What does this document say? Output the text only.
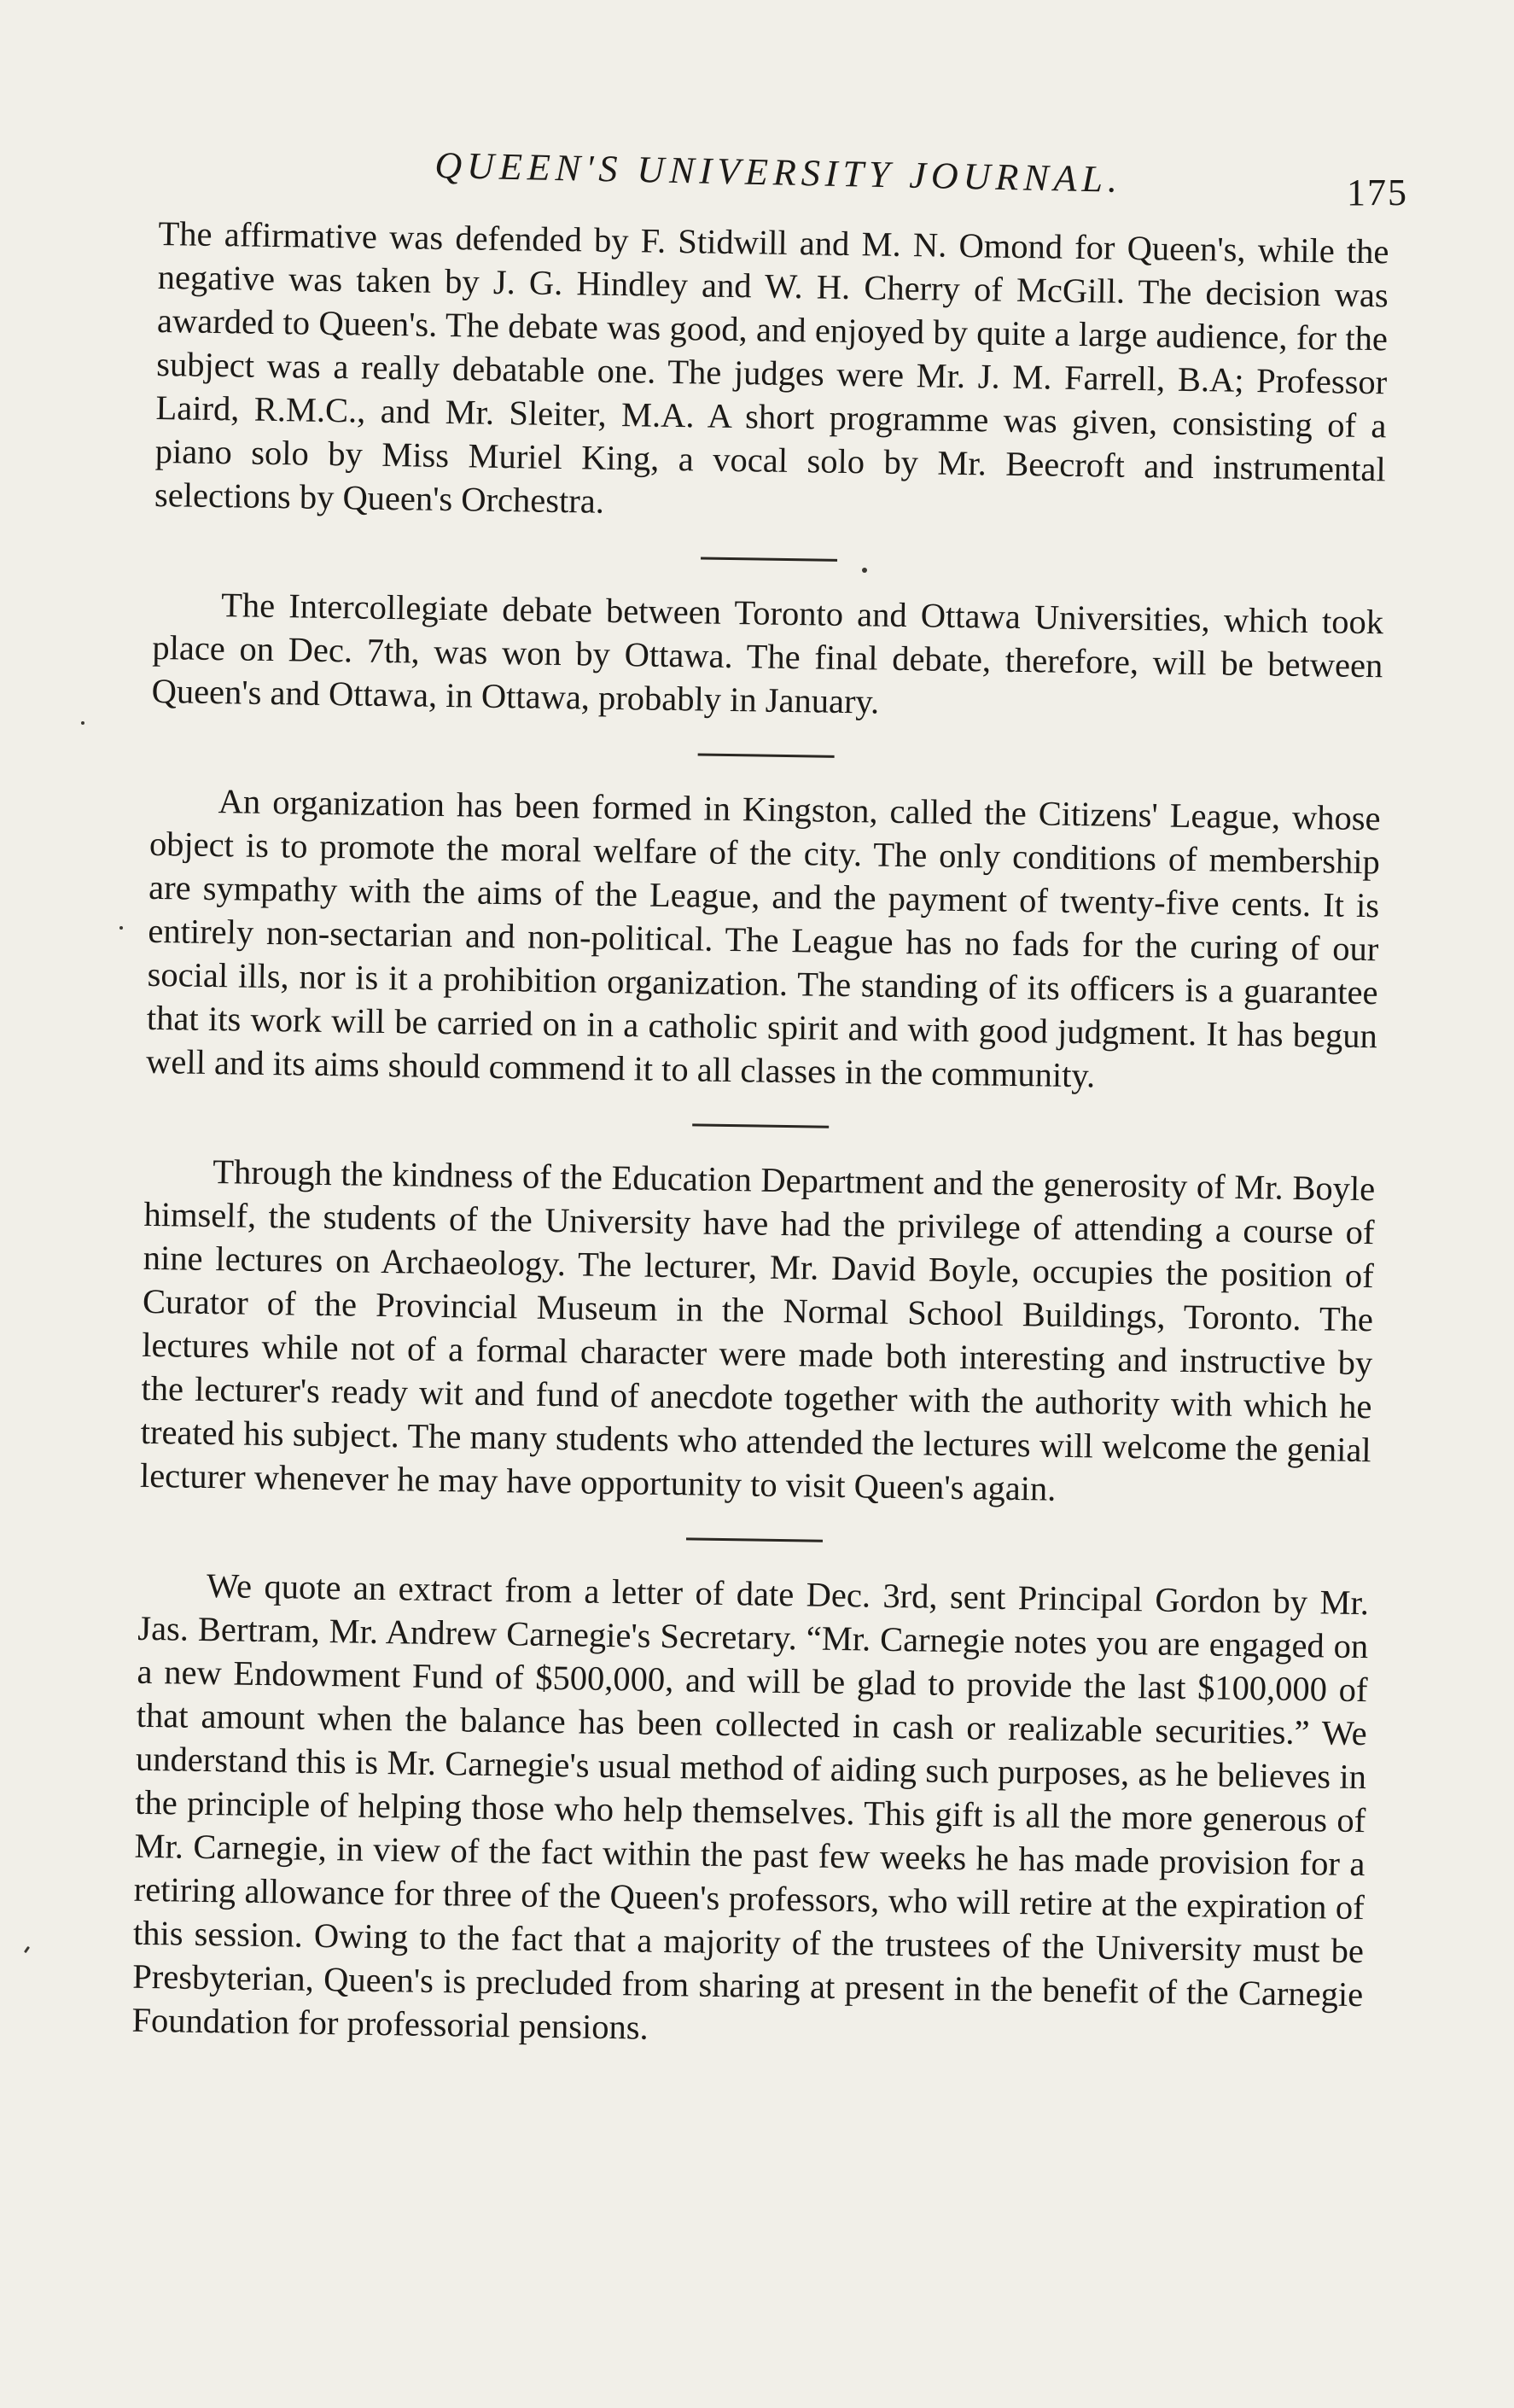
QUEEN'S UNIVERSITY JOURNAL.	175

The affirmative was defended by F. Stidwill and M. N. Omond for Queen's, while the negative was taken by J. G. Hindley and W. H. Cherry of McGill. The decision was awarded to Queen's. The debate was good, and enjoyed by quite a large audience, for the subject was a really debatable one. The judges were Mr. J. M. Farrell, B.A; Professor Laird, R.M.C., and Mr. Sleiter, M.A. A short programme was given, consisting of a piano solo by Miss Muriel King, a vocal solo by Mr. Beecroft and instrumental selections by Queen's Orchestra.

The Intercollegiate debate between Toronto and Ottawa Universities, which took place on Dec. 7th, was won by Ottawa. The final debate, therefore, will be between Queen's and Ottawa, in Ottawa, probably in January.

An organization has been formed in Kingston, called the Citizens' League, whose object is to promote the moral welfare of the city. The only conditions of membership are sympathy with the aims of the League, and the payment of twenty-five cents. It is entirely non-sectarian and non-political. The League has no fads for the curing of our social ills, nor is it a prohibition organization. The standing of its officers is a guarantee that its work will be carried on in a catholic spirit and with good judgment. It has begun well and its aims should commend it to all classes in the community.

Through the kindness of the Education Department and the generosity of Mr. Boyle himself, the students of the University have had the privilege of attending a course of nine lectures on Archaeology. The lecturer, Mr. David Boyle, occupies the position of Curator of the Provincial Museum in the Normal School Buildings, Toronto. The lectures while not of a formal character were made both interesting and instructive by the lecturer's ready wit and fund of anecdote together with the authority with which he treated his subject. The many students who attended the lectures will welcome the genial lecturer whenever he may have opportunity to visit Queen's again.

We quote an extract from a letter of date Dec. 3rd, sent Principal Gordon by Mr. Jas. Bertram, Mr. Andrew Carnegie's Secretary. “Mr. Carnegie notes you are engaged on a new Endowment Fund of $500,000, and will be glad to provide the last $100,000 of that amount when the balance has been collected in cash or realizable securities.” We understand this is Mr. Carnegie's usual method of aiding such purposes, as he believes in the principle of helping those who help themselves. This gift is all the more generous of Mr. Carnegie, in view of the fact within the past few weeks he has made provision for a retiring allowance for three of the Queen's professors, who will retire at the expiration of this session. Owing to the fact that a majority of the trustees of the University must be Presbyterian, Queen's is precluded from sharing at present in the benefit of the Carnegie Foundation for professorial pensions.
